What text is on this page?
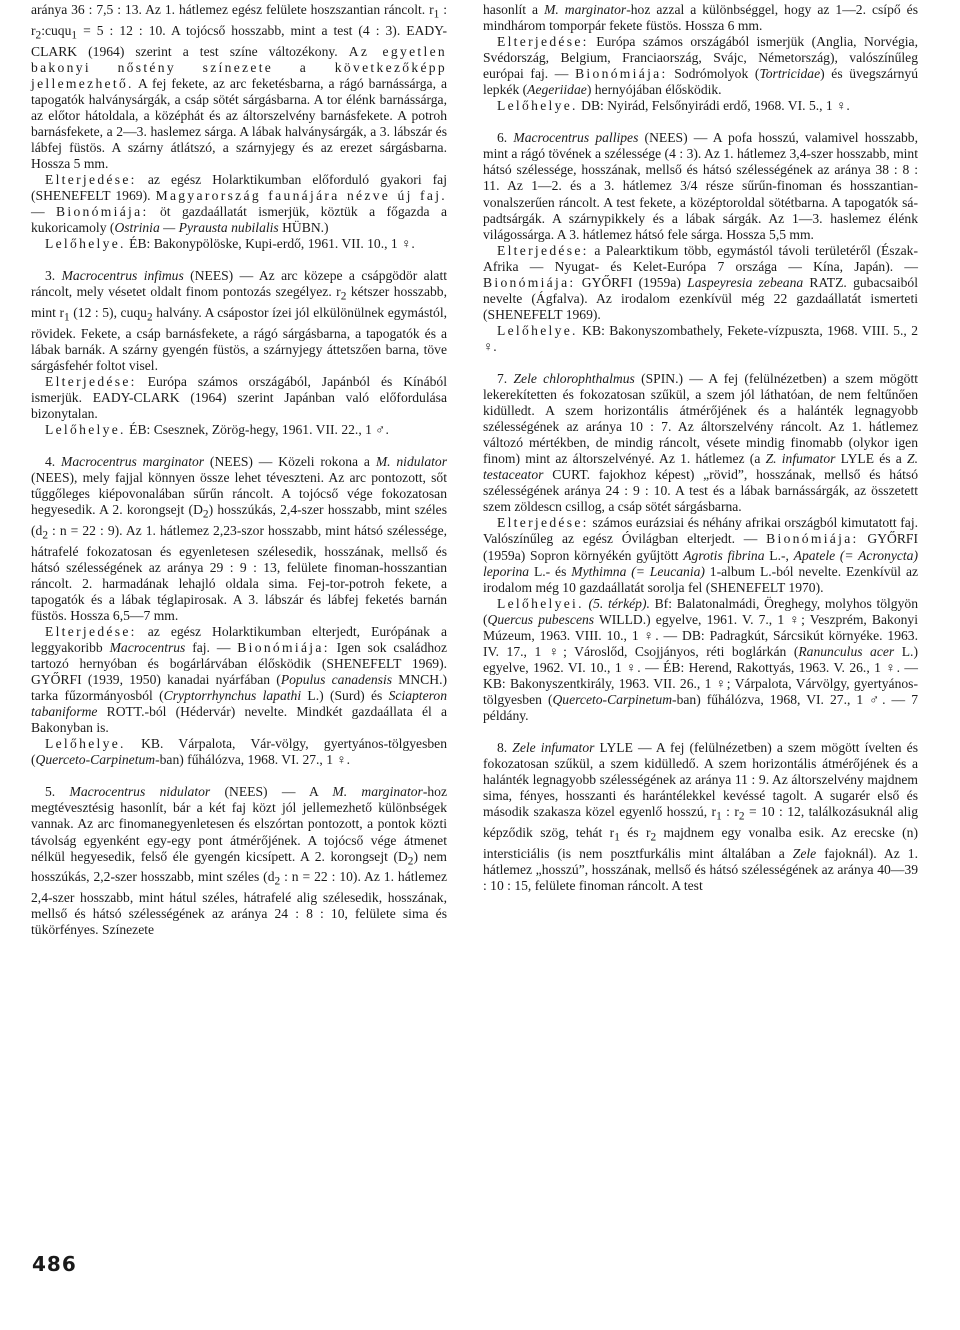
aránya 36 : 7,5 : 13. Az 1. hátlemez egész felülete hoszszantian ráncolt. $r_1$ : $r_2:cuqu_1 = 5$ : 12 : 10. A tojócső hosszabb, mint a test (4 : 3). EADY-CLARK (1964) szerint a test színe változékony. Az egyetlen bakonyi nőstény színezete a következőképp jellemezhető. A fej fekete, az arc feketésbarna, a rágó barnássárga, a tapogatók halványsárgák, a csáp sötét sárgásbarna. A tor élénk barnássárga, az előtor hátoldala, a középhát és az áltorszelvény barnásfekete. A potroh barnásfekete, a 2—3. haslemez sárga. A lábak halványsárgák, a 3. lábszár és lábfej füstös. A szárny átlátszó, a szárnyjegy és az erezet sárgásbarna. Hossza 5 mm.

Elterjedése: az egész Holarktikumban előforduló gyakori faj (SHENEFELT 1969). Magyarország faunájára nézve új faj. — Bionómiája: öt gazdaállatát ismerjük, köztük a főgazda a kukoricamoly (Ostrinia — Pyrausta nubilalis HÜBN.)

Lelőhelye. ÉB: Bakonypölöske, Kupi-erdő, 1961. VII. 10., 1 ♀.

3. Macrocentrus infimus (NEES) — Az arc közepe a csápgödör alatt ráncolt, mely vésetet oldalt finom pontozás szegélyez. $r_2$ kétszer hosszabb, mint $r_1$ (12 : 5), cuqu$_2$ halvány. A csápostor ízei jól elkülönülnek egymástól, rövidek. Fekete, a csáp barnásfekete, a rágó sárgásbarna, a tapogatók és a lábak barnák. A szárny gyengén füstös, a szárnyjegy áttetszően barna, töve sárgásfehér foltot visel.

Elterjedése: Európa számos országából, Japánból és Kínából ismerjük. EADY-CLARK (1964) szerint Japánban való előfordulása bizonytalan.

Lelőhelye. ÉB: Csesznek, Zörög-hegy, 1961. VII. 22., 1 ♂.

4. Macrocentrus marginator (NEES) — Közeli rokona a M. nidulator (NEES), mely fajjal könnyen össze lehet téveszteni. Az arc pontozott, sőt tűggőleges kiépovonalában sűrűn ráncolt. A tojócső vége fokozatosan hegyesedik. A 2. korongsejt $(D_2)$ hosszúkás, 2,4-szer hosszabb, mint széles ($d_2$ : n = 22 : 9). Az 1. hátlemez 2,23-szor hosszabb, mint hátsó szélessége, hátrafelé fokozatosan és egyenletesen szélesedik, hosszának, mellső és hátsó szélességének az aránya 29 : 9 : 13, felülete finoman-hosszantian ráncolt. 2. harmadának lehajló oldala sima. Fej-tor-potroh fekete, a tapogatók és a lábak téglapirosak. A 3. lábszár és lábfej feketés barnán füstös. Hossza 6,5—7 mm.

Elterjedése: az egész Holarktikumban elterjedt, Európának a leggyakoribb Macrocentrus faj. — Bionómiája: Igen sok családhoz tartozó hernyóban és bogárlárvában élősködik (SHENEFELT 1969). GYŐRFI (1939, 1950) kanadai nyárfában (Populus canadensis MNCH.) tarka fűzormányosból (Cryptorrhynchus lapathi L.) (Surd) és Sciapteron tabaniforme ROTT.-ból (Hédervár) nevelte. Mindkét gazdaállata él a Bakonyban is.

Lelőhelye. KB. Várpalota, Vár-völgy, gyertyános-tölgyesben (Querceto-Carpinetum-ban) fűhálózva, 1968. VI. 27., 1 ♀.

5. Macrocentrus nidulator (NEES) — A M. marginator-hoz megtévesztésig hasonlít, bár a két faj közt jól jellemezhető különbségek vannak. Az arc finomanegyenletesen és elszórtan pontozott, a pontok közti távolság egyenként egy-egy pont átmérőjének. A tojócső vége átmenet nélkül hegyesedik, felső éle gyengén kicsípett. A 2. korongsejt $(D_2)$ nem hosszúkás, 2,2-szer hosszabb, mint széles ($d_2$ : n = 22 : 10). Az 1. hátlemez 2,4-szer hosszabb, mint hátul széles, hátrafelé alig szélesedik, hosszának, mellső és hátsó szélességének az aránya 24 : 8 : 10, felülete sima és tükörfényes. Színezete

hasonlít a M. marginator-hoz azzal a különbséggel, hogy az 1—2. csípő és mindhárom tomporpár fekete füstös. Hossza 6 mm.

Elterjedése: Európa számos országából ismerjük (Anglia, Norvégia, Svédország, Belgium, Franciaország, Svájc, Németország), valószínűleg európai faj. — Bionómiája: Sodrómolyok (Tortricidae) és üvegszárnyú lepkék (Aegeriidae) hernyójában élősködik.

Lelőhelye. DB: Nyirád, Felsőnyirádi erdő, 1968. VI. 5., 1 ♀.

6. Macrocentrus pallipes (NEES) — A pofa hosszú, valamivel hosszabb, mint a rágó tövének a szélessége (4 : 3). Az 1. hátlemez 3,4-szer hosszabb, mint hátsó szélessége, hosszának, mellső és hátsó szélességének az aránya 38 : 8 : 11. Az 1—2. és a 3. hátlemez 3/4 része sűrűn-finoman és hosszantian-vonalszerűen ráncolt. A test fekete, a középtoroldal sötétbarna. A tapogatók sápadtsárgák. A szárnypikkely és a lábak sárgák. Az 1—3. haslemez élénk világossárga. A 3. hátlemez hátsó fele sárga. Hossza 5,5 mm.

Elterjedése: a Palearktikum több, egymástól távoli területéről (Észak-Afrika — Nyugat- és Kelet-Európa 7 országa — Kína, Japán). — Bionómiája: GYŐRFI (1959a) Laspeyresia zebeana RATZ. gubacsaiból nevelte (Ágfalva). Az irodalom ezenkívül még 22 gazdaállatát ismerteti (SHENEFELT 1969).

Lelőhelye. KB: Bakonyszombathely, Fekete-vízpuszta, 1968. VIII. 5., 2 ♀.

7. Zele chlorophthalmus (SPIN.) — A fej (felülnézetben) a szem mögött lekerekítetten és fokozatosan szűkül, a szem jól láthatóan, de nem feltűnően kidülledt. A szem horizontális átmérőjének és a halánték legnagyobb szélességének az aránya 10 : 7. Az áltorszelvény ráncolt. Az 1. hátlemez változó mértékben, de mindig ráncolt, vésete mindig finomabb (olykor igen finom) mint az áltorszelvényé. Az 1. hátlemez (a Z. infumator LYLE és a Z. testaceator CURT. fajokhoz képest) „rövid”, hosszának, mellső és hátsó szélességének aránya 24 : 9 : 10. A test és a lábak barnássárgák, az összetett szem zöldescn csillog, a csáp sötét sárgásbarna.

Elterjedése: számos eurázsiai és néhány afrikai országból kimutatott faj. Valószínűleg az egész Óvilágban elterjedt. — Bionómiája: GYŐRFI (1959a) Sopron környékén gyűjtött Agrotis fibrina L.-, Apatele (= Acronycta) leporina L.- és Mythimna (= Leucania) 1-album L.-ból nevelte. Ezenkívül az irodalom még 10 gazdaállatát sorolja fel (SHENEFELT 1970).

Lelőhelyei. (5. térkép). Bf: Balatonalmádi, Öreghegy, molyhos tölgyön (Quercus pubescens WILLD.) egyelve, 1961. V. 7., 1 ♀; Veszprém, Bakonyi Múzeum, 1963. VIII. 10., 1 ♀. — DB: Padragkút, Sárcsikút környéke. 1963. IV. 17., 1 ♀; Városlőd, Csojjányos, réti boglárkán (Ranunculus acer L.) egyelve, 1962. VI. 10., 1 ♀. — ÉB: Herend, Rakottyás, 1963. V. 26., 1 ♀. — KB: Bakonyszentkirály, 1963. VII. 26., 1 ♀; Várpalota, Várvölgy, gyertyános-tölgyesben (Querceto-Carpinetum-ban) fűhálózva, 1968, VI. 27., 1 ♂. — 7 példány.

8. Zele infumator LYLE — A fej (felülnézetben) a szem mögött ívelten és fokozatosan szűkül, a szem kidülledő. A szem horizontális átmérőjének és a halánték legnagyobb szélességének az aránya 11 : 9. Az áltorszelvény majdnem sima, fényes, hosszanti és harántélekkel kevéssé tagolt. A sugarér első és második szakasza közel egyenlő hosszú, $r_1$ : $r_2 = 10$ : 12, találkozásuknál alig képződik szög, tehát $r_1$ és $r_2$ majdnem egy vonalba esik. Az erecske (n) intersticiális (is nem posztfurkális mint általában a Zele fajoknál). Az 1. hátlemez „hosszú”, hosszának, mellső és hátsó szélességének az aránya 40—39 : 10 : 15, felülete finoman ráncolt. A test

486
